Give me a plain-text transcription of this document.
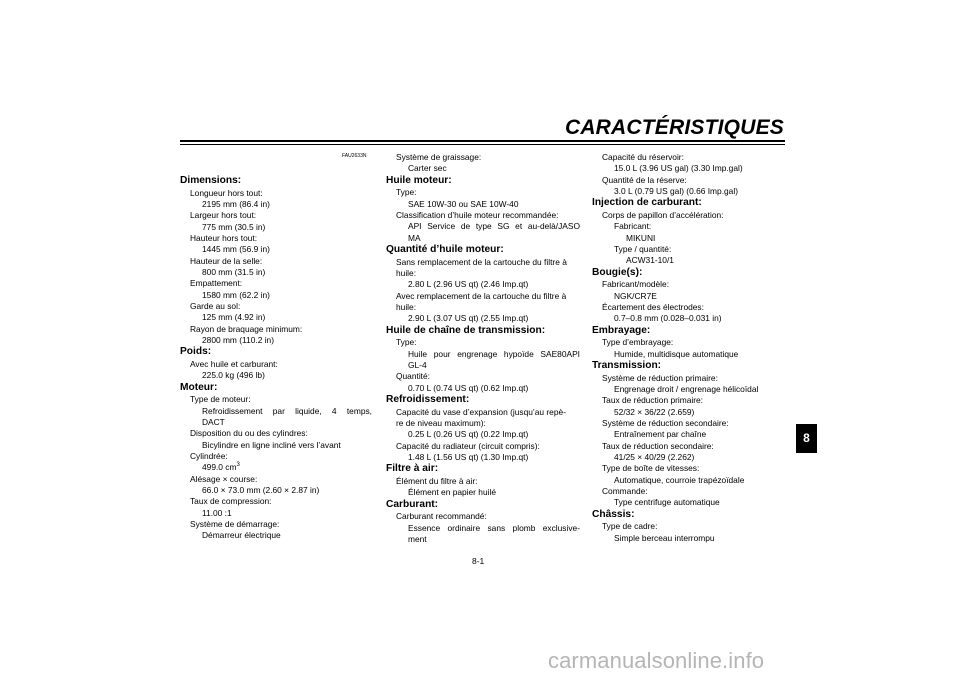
CARACTÉRISTIQUES
FAU2633N
Dimensions:
Longueur hors tout:
2195 mm (86.4 in)
Largeur hors tout:
775 mm (30.5 in)
Hauteur hors tout:
1445 mm (56.9 in)
Hauteur de la selle:
800 mm (31.5 in)
Empattement:
1580 mm (62.2 in)
Garde au sol:
125 mm (4.92 in)
Rayon de braquage minimum:
2800 mm (110.2 in)
Poids:
Avec huile et carburant:
225.0 kg (496 lb)
Moteur:
Type de moteur:
Refroidissement par liquide, 4 temps,
DACT
Disposition du ou des cylindres:
Bicylindre en ligne incliné vers l’avant
Cylindrée:
499.0 $cm^3$
Alésage × course:
66.0 × 73.0 mm (2.60 × 2.87 in)
Taux de compression:
11.00 :1
Système de démarrage:
Démarreur électrique
Système de graissage:
Carter sec
Huile moteur:
Type:
SAE 10W-30 ou SAE 10W-40
Classification d’huile moteur recommandée:
API Service de type SG et au-delà/JASO
MA
Quantité d’huile moteur:
Sans remplacement de la cartouche du filtre à
huile:
2.80 L (2.96 US qt) (2.46 Imp.qt)
Avec remplacement de la cartouche du filtre à
huile:
2.90 L (3.07 US qt) (2.55 Imp.qt)
Huile de chaîne de transmission:
Type:
Huile pour engrenage hypoïde SAE80API
GL-4
Quantité:
0.70 L (0.74 US qt) (0.62 Imp.qt)
Refroidissement:
Capacité du vase d’expansion (jusqu’au repè-
re de niveau maximum):
0.25 L (0.26 US qt) (0.22 Imp.qt)
Capacité du radiateur (circuit compris):
1.48 L (1.56 US qt) (1.30 Imp.qt)
Filtre à air:
Élément du filtre à air:
Élément en papier huilé
Carburant:
Carburant recommandé:
Essence ordinaire sans plomb exclusive-
ment
Capacité du réservoir:
15.0 L (3.96 US gal) (3.30 Imp.gal)
Quantité de la réserve:
3.0 L (0.79 US gal) (0.66 Imp.gal)
Injection de carburant:
Corps de papillon d’accélération:
Fabricant:
MIKUNI
Type / quantité:
ACW31-10/1
Bougie(s):
Fabricant/modèle:
NGK/CR7E
Écartement des électrodes:
0.7–0.8 mm (0.028–0.031 in)
Embrayage:
Type d’embrayage:
Humide, multidisque automatique
Transmission:
Système de réduction primaire:
Engrenage droit / engrenage hélicoïdal
Taux de réduction primaire:
52/32 × 36/22 (2.659)
Système de réduction secondaire:
Entraînement par chaîne
Taux de réduction secondaire:
41/25 × 40/29 (2.262)
Type de boîte de vitesses:
Automatique, courroie trapézoïdale
Commande:
Type centrifuge automatique
Châssis:
Type de cadre:
Simple berceau interrompu
8
8-1
carmanualsonline.info
